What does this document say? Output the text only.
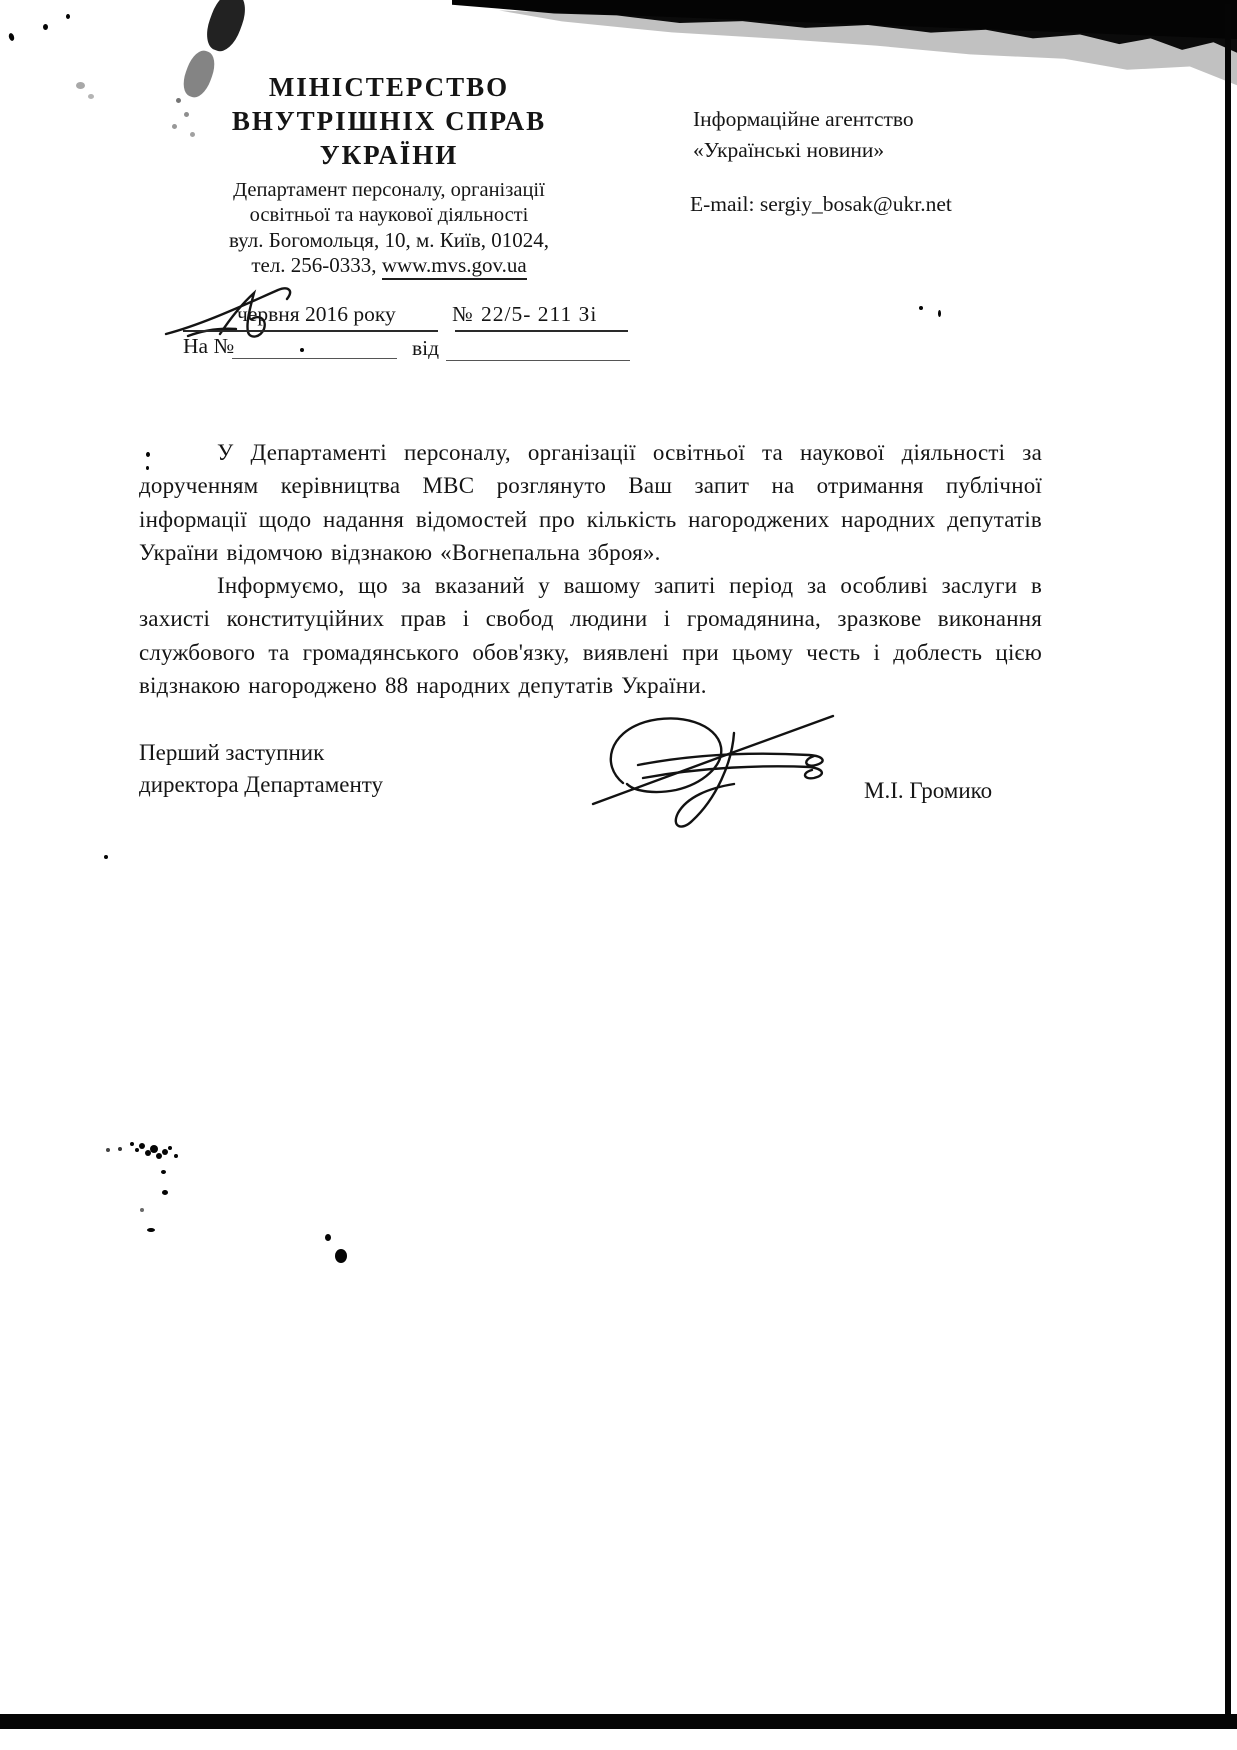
МІНІСТЕРСТВО
ВНУТРІШНІХ СПРАВ
УКРАЇНИ
Департамент персоналу, організації
освітньої та наукової діяльності
вул. Богомольця, 10, м. Київ, 01024,
тел. 256-0333, www.mvs.gov.ua
Інформаційне агентство
«Українські новини»
E-mail: sergiy_bosak@ukr.net
червня 2016 року	№ 22/5- 211 Зі
На №	від

У Департаменті персоналу, організації освітньої та наукової діяльності за дорученням керівництва МВС розглянуто Ваш запит на отримання публічної інформації щодо надання відомостей про кількість нагороджених народних депутатів України відомчою відзнакою «Вогнепальна зброя».

Інформуємо, що за вказаний у вашому запиті період за особливі заслуги в захисті конституційних прав і свобод людини і громадянина, зразкове виконання службового та громадянського обов'язку, виявлені при цьому честь і доблесть цією відзнакою нагороджено 88 народних депутатів України.

Перший заступник
директора Департаменту	М.І. Громико
